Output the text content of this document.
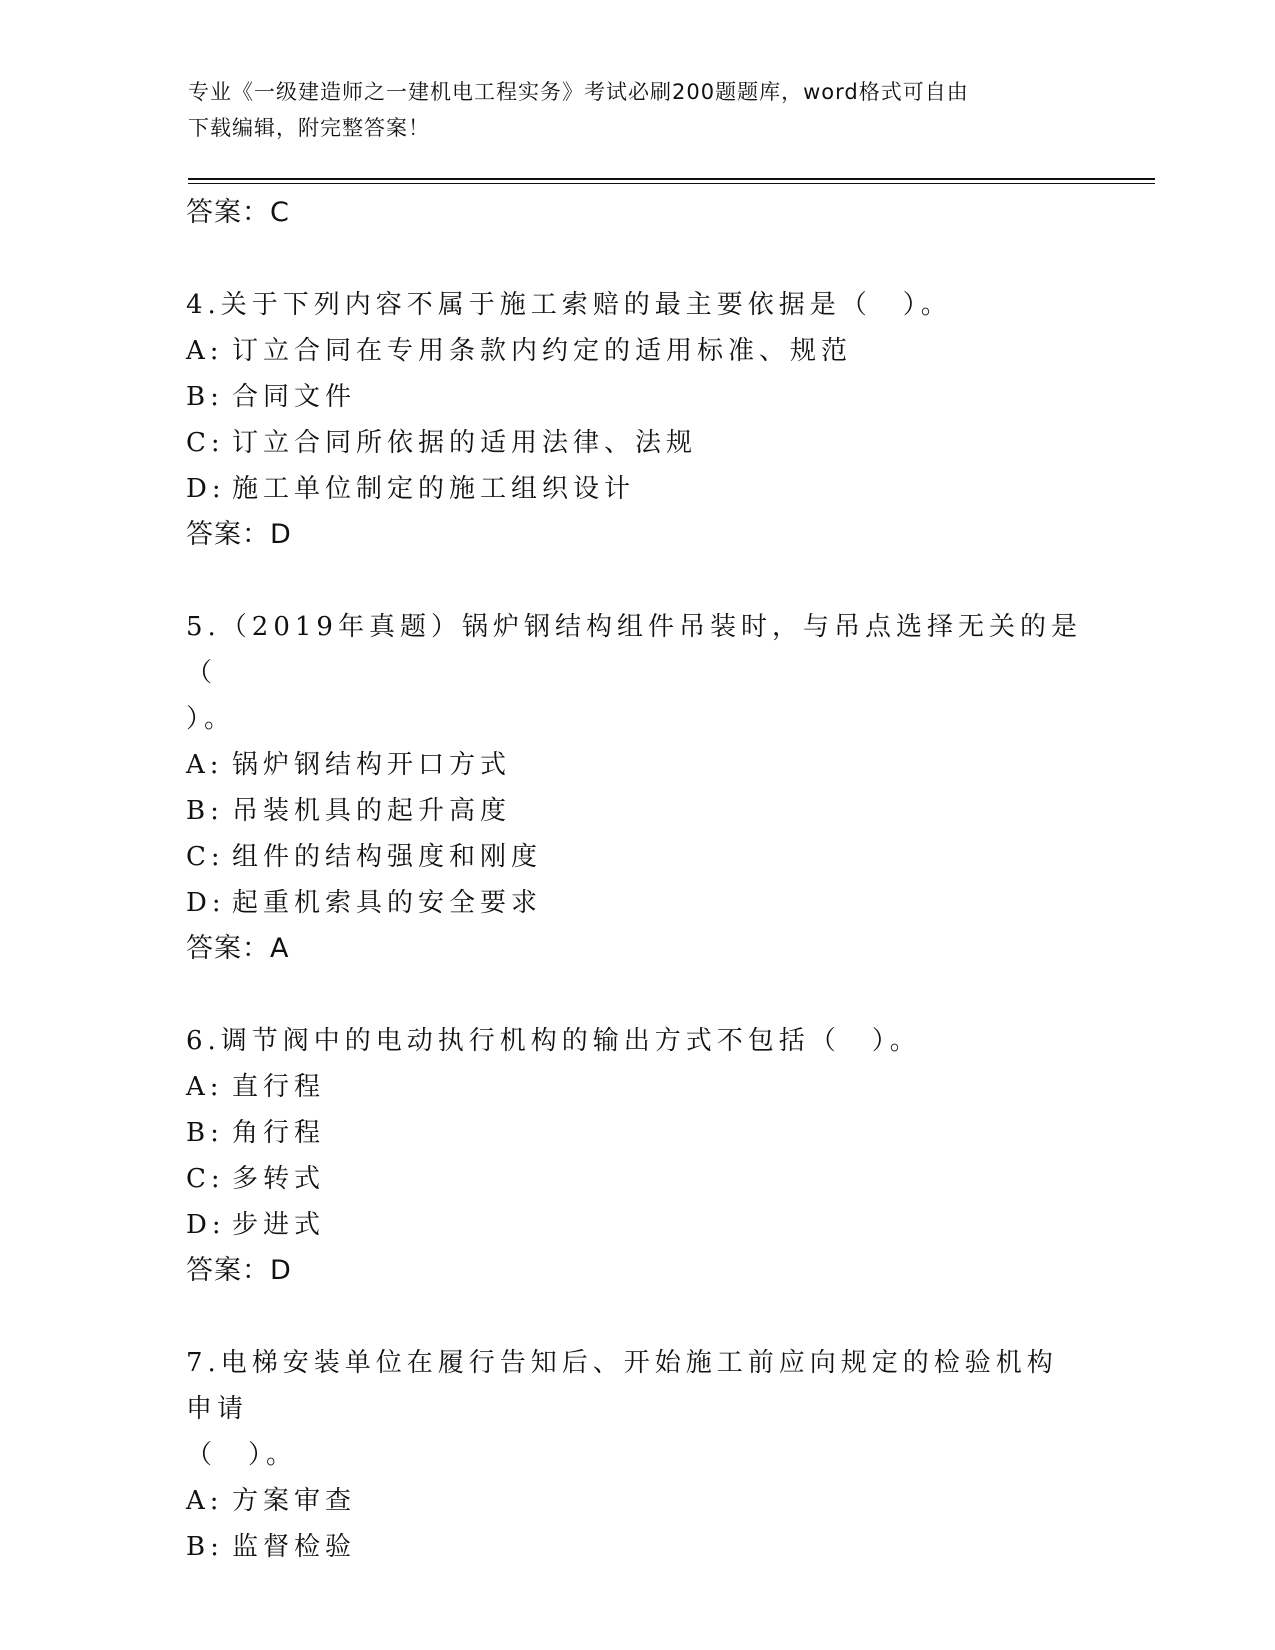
专业《一级建造师之一建机电工程实务》考试必刷200题题库，word格式可自由
下载编辑，附完整答案！
答案：C
4.关于下列内容不属于施工索赔的最主要依据是（　）。
A: 订立合同在专用条款内约定的适用标准、规范
B: 合同文件
C: 订立合同所依据的适用法律、法规
D: 施工单位制定的施工组织设计
答案：D
5.（2019年真题）锅炉钢结构组件吊装时，与吊点选择无关的是（
）。
A: 锅炉钢结构开口方式
B: 吊装机具的起升高度
C: 组件的结构强度和刚度
D: 起重机索具的安全要求
答案：A
6.调节阀中的电动执行机构的输出方式不包括（　）。
A: 直行程
B: 角行程
C: 多转式
D: 步进式
答案：D
7.电梯安装单位在履行告知后、开始施工前应向规定的检验机构申请
（　）。
A: 方案审查
B: 监督检验
